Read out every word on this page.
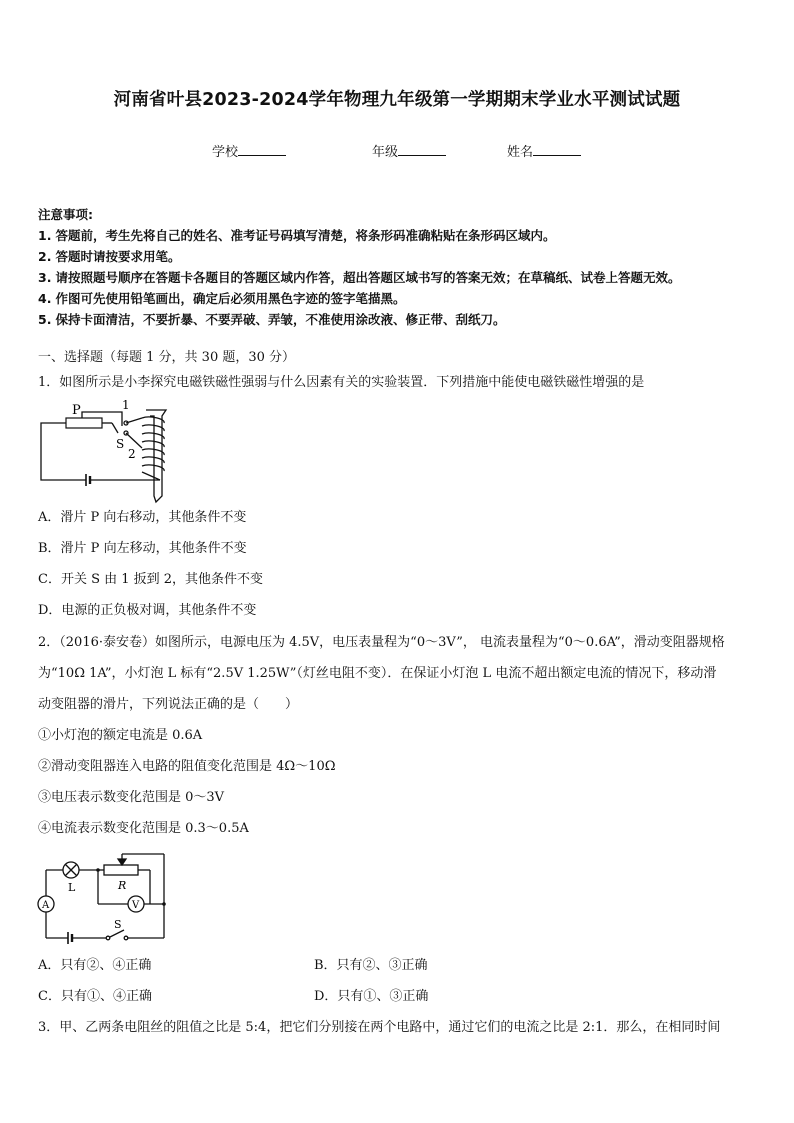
河南省叶县2023-2024学年物理九年级第一学期期末学业水平测试试题
学校	年级	姓名
注意事项:
1. 答题前，考生先将自己的姓名、准考证号码填写清楚，将条形码准确粘贴在条形码区域内。
2. 答题时请按要求用笔。
3. 请按照题号顺序在答题卡各题目的答题区域内作答，超出答题区域书写的答案无效；在草稿纸、试卷上答题无效。
4. 作图可先使用铅笔画出，确定后必须用黑色字迹的签字笔描黑。
5. 保持卡面清洁，不要折暴、不要弄破、弄皱，不准使用涂改液、修正带、刮纸刀。
一、选择题（每题 1 分，共 30 题，30 分）
1．如图所示是小李探究电磁铁磁性强弱与什么因素有关的实验装置．下列措施中能使电磁铁磁性增强的是
P	1
S
2
A．滑片 P 向右移动，其他条件不变
B．滑片 P 向左移动，其他条件不变
C．开关 S 由 1 扳到 2，其他条件不变
D．电源的正负极对调，其他条件不变
2．（2016·泰安卷）如图所示，电源电压为 4.5V，电压表量程为“0～3V”， 电流表量程为“0～0.6A”，滑动变阻器规格
为“10Ω 1A”，小灯泡 L 标有“2.5V 1.25W”（灯丝电阻不变）．在保证小灯泡 L 电流不超出额定电流的情况下，移动滑
动变阻器的滑片，下列说法正确的是（　　）
①小灯泡的额定电流是 0.6A
②滑动变阻器连入电路的阻值变化范围是 4Ω～10Ω
③电压表示数变化范围是 0～3V
④电流表示数变化范围是 0.3～0.5A
L	R
A	V
S
A．只有②、④正确	B．只有②、③正确
C．只有①、④正确	D．只有①、③正确
3．甲、乙两条电阻丝的阻值之比是 5:4，把它们分别接在两个电路中，通过它们的电流之比是 2:1．那么，在相同时间
